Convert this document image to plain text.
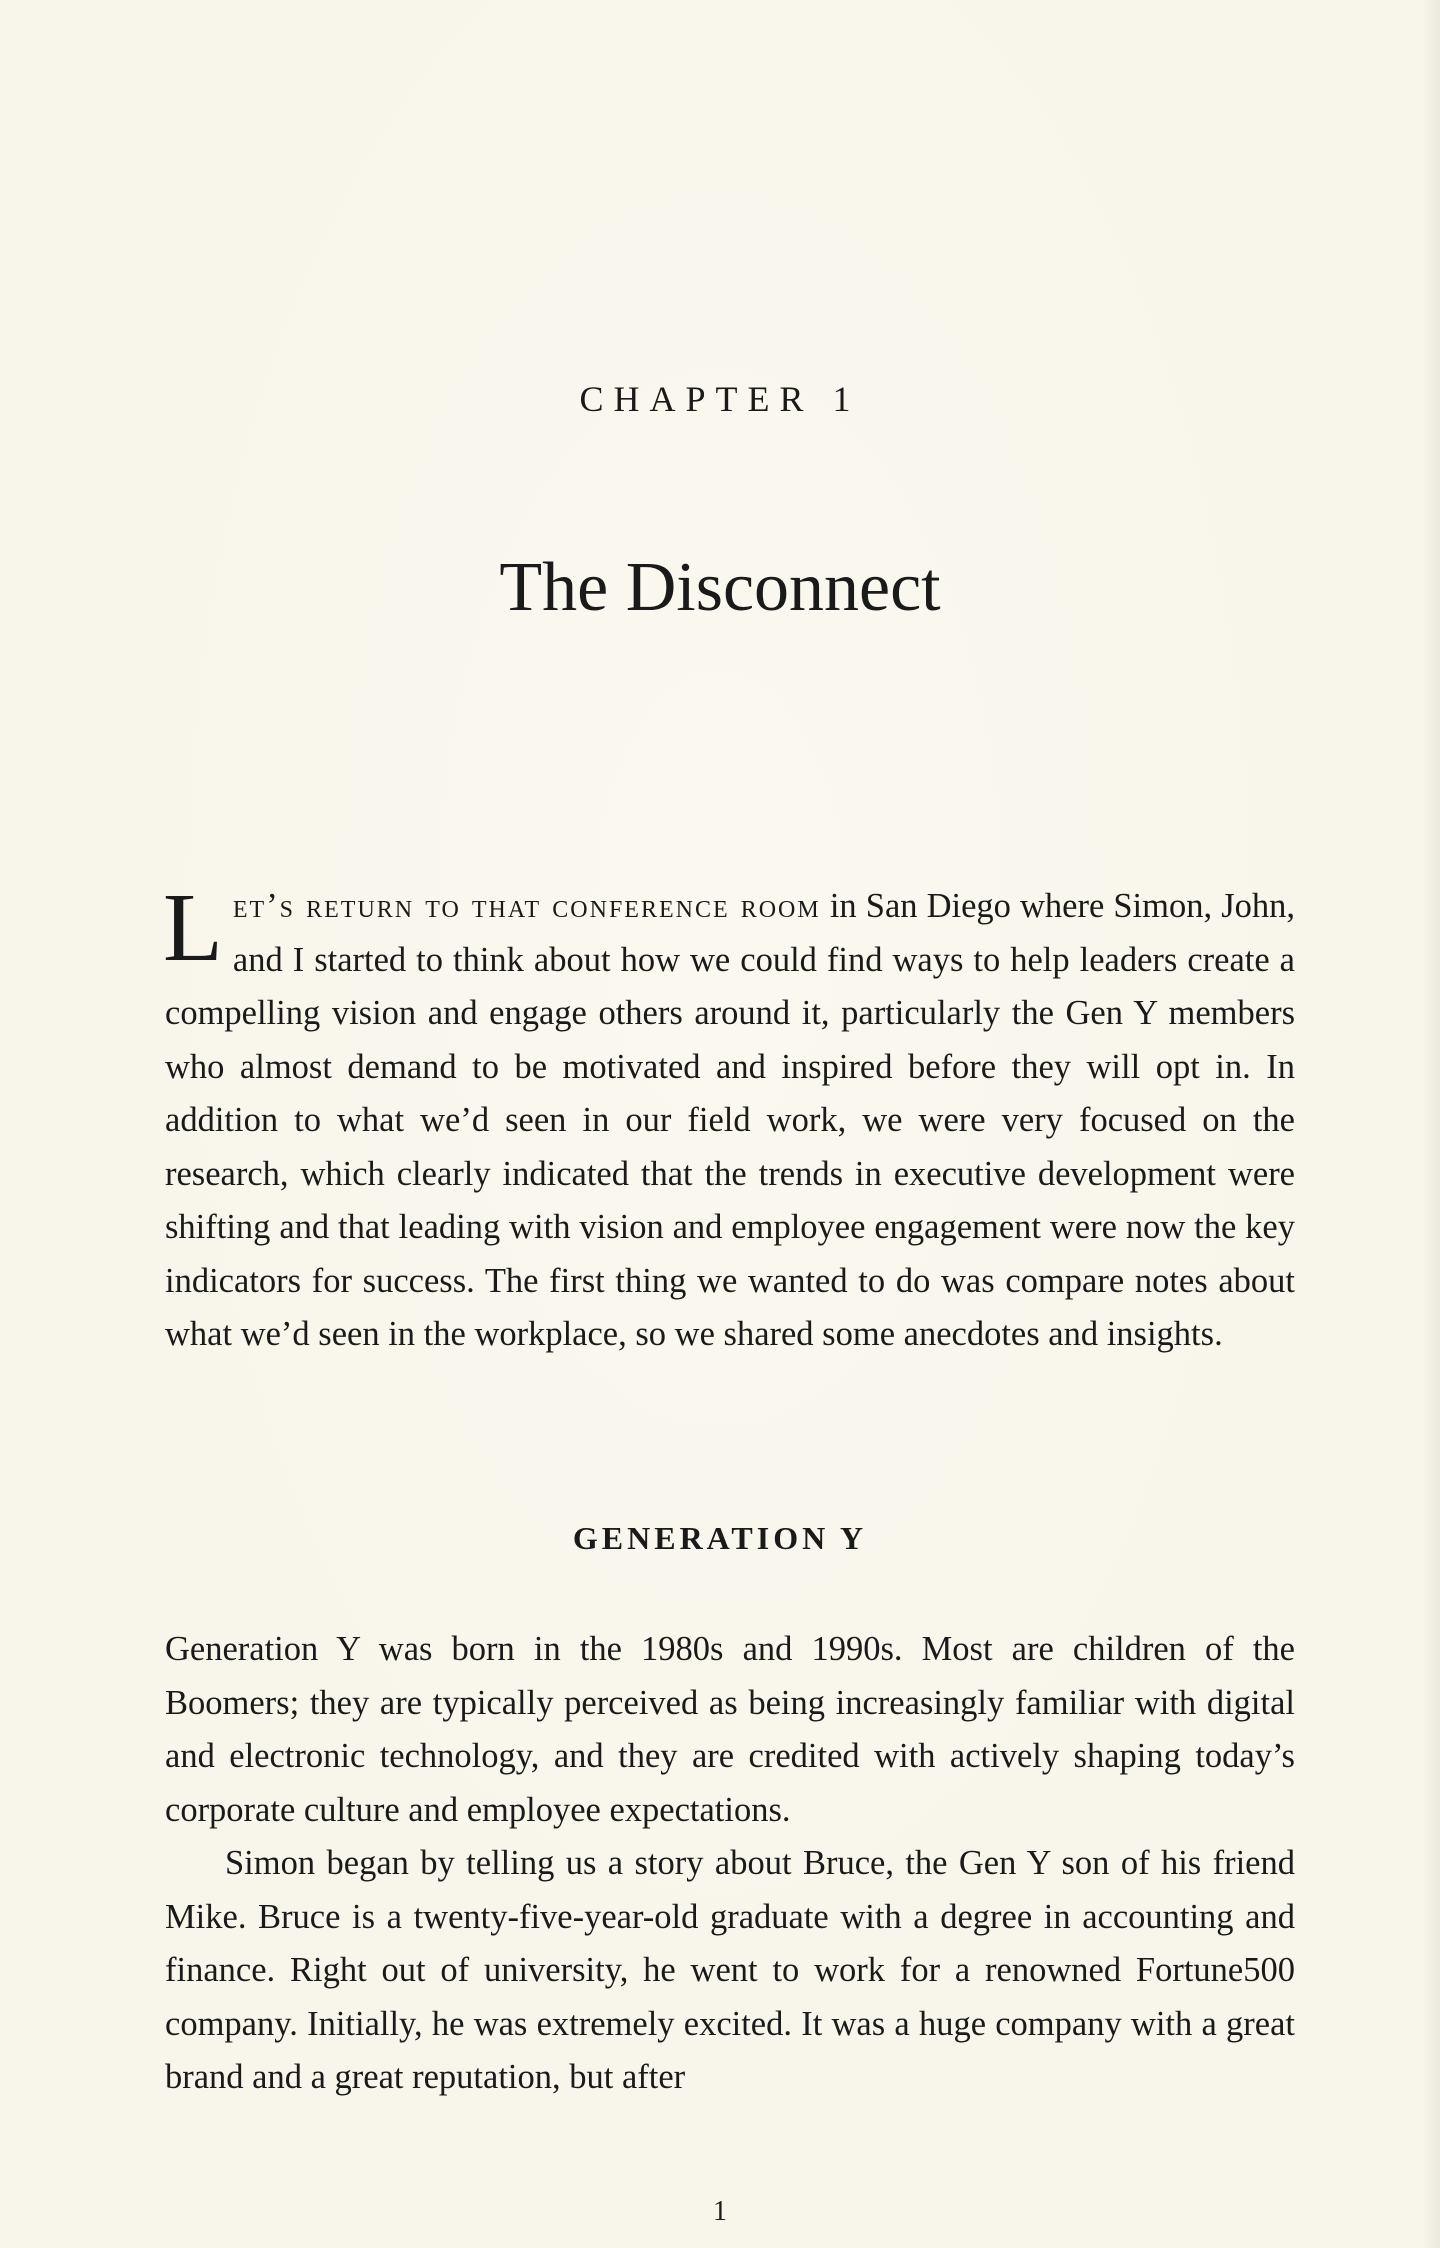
CHAPTER 1
The Disconnect

Let’s return to that conference room in San Diego where Simon, John, and I started to think about how we could find ways to help leaders create a compelling vision and engage others around it, particularly the Gen Y members who almost demand to be motivated and inspired before they will opt in. In addition to what we’d seen in our field work, we were very focused on the research, which clearly indicated that the trends in executive development were shifting and that leading with vision and employee engagement were now the key indicators for success. The first thing we wanted to do was compare notes about what we’d seen in the workplace, so we shared some anecdotes and insights.

GENERATION Y

Generation Y was born in the 1980s and 1990s. Most are children of the Boomers; they are typically perceived as being increasingly familiar with digital and electronic technology, and they are credited with actively shaping today’s corporate culture and employee expectations.

Simon began by telling us a story about Bruce, the Gen Y son of his friend Mike. Bruce is a twenty-five-year-old graduate with a degree in accounting and finance. Right out of university, he went to work for a renowned Fortune500 company. Initially, he was extremely excited. It was a huge company with a great brand and a great reputation, but after

1
